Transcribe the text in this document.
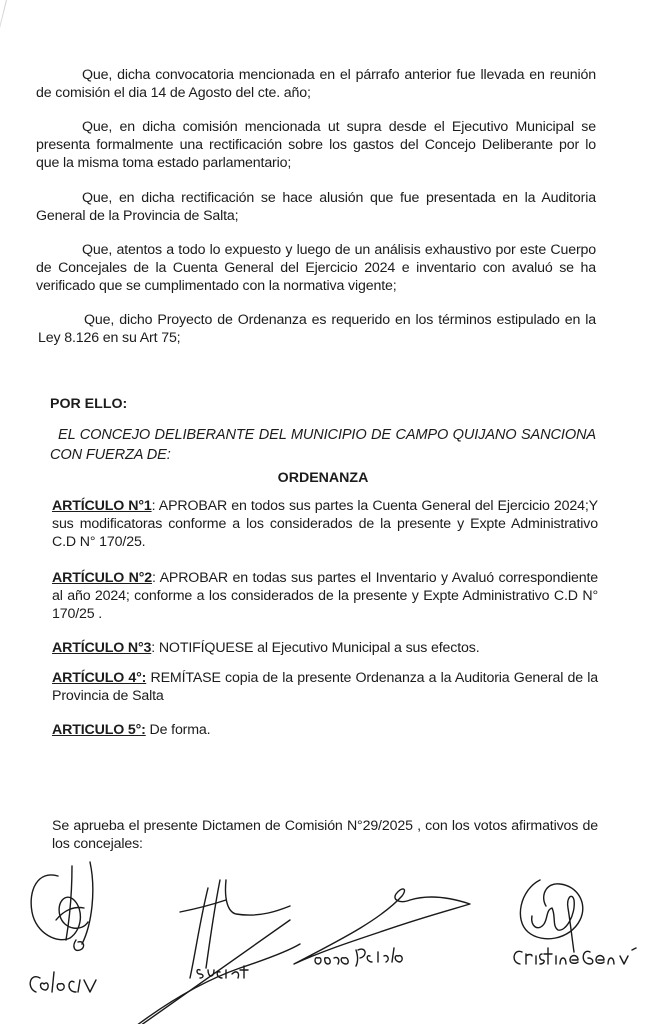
Que, dicha convocatoria mencionada en el párrafo anterior fue llevada en reunión de comisión el dia 14 de Agosto del cte. año;

Que, en dicha comisión mencionada ut supra desde el Ejecutivo Municipal se presenta formalmente una rectificación sobre los gastos del Concejo Deliberante por lo que la misma toma estado parlamentario;

Que, en dicha rectificación se hace alusión que fue presentada en la Auditoria General de la Provincia de Salta;

Que, atentos a todo lo expuesto y luego de un análisis exhaustivo por este Cuerpo de Concejales de la Cuenta General del Ejercicio 2024 e inventario con avaluó se ha verificado que se cumplimentado con la normativa vigente;

Que, dicho Proyecto de Ordenanza es requerido en los términos estipulado en la Ley 8.126 en su Art 75;

POR ELLO:

EL CONCEJO DELIBERANTE DEL MUNICIPIO DE CAMPO QUIJANO SANCIONA CON FUERZA DE:

ORDENANZA

ARTÍCULO N°1: APROBAR en todos sus partes la Cuenta General del Ejercicio 2024;Y sus modificatoras conforme a los considerados de la presente y Expte Administrativo C.D N° 170/25.

ARTÍCULO N°2: APROBAR en todas sus partes el Inventario y Avaluó correspondiente al año 2024; conforme a los considerados de la presente y Expte Administrativo C.D N° 170/25 .

ARTÍCULO N°3: NOTIFÍQUESE al Ejecutivo Municipal a sus efectos.

ARTÍCULO 4°: REMÍTASE copia de la presente Ordenanza a la Auditoria General de la Provincia de Salta

ARTICULO 5°: De forma.

Se aprueba el presente Dictamen de Comisión N°29/2025 , con los votos afirmativos de los concejales:
